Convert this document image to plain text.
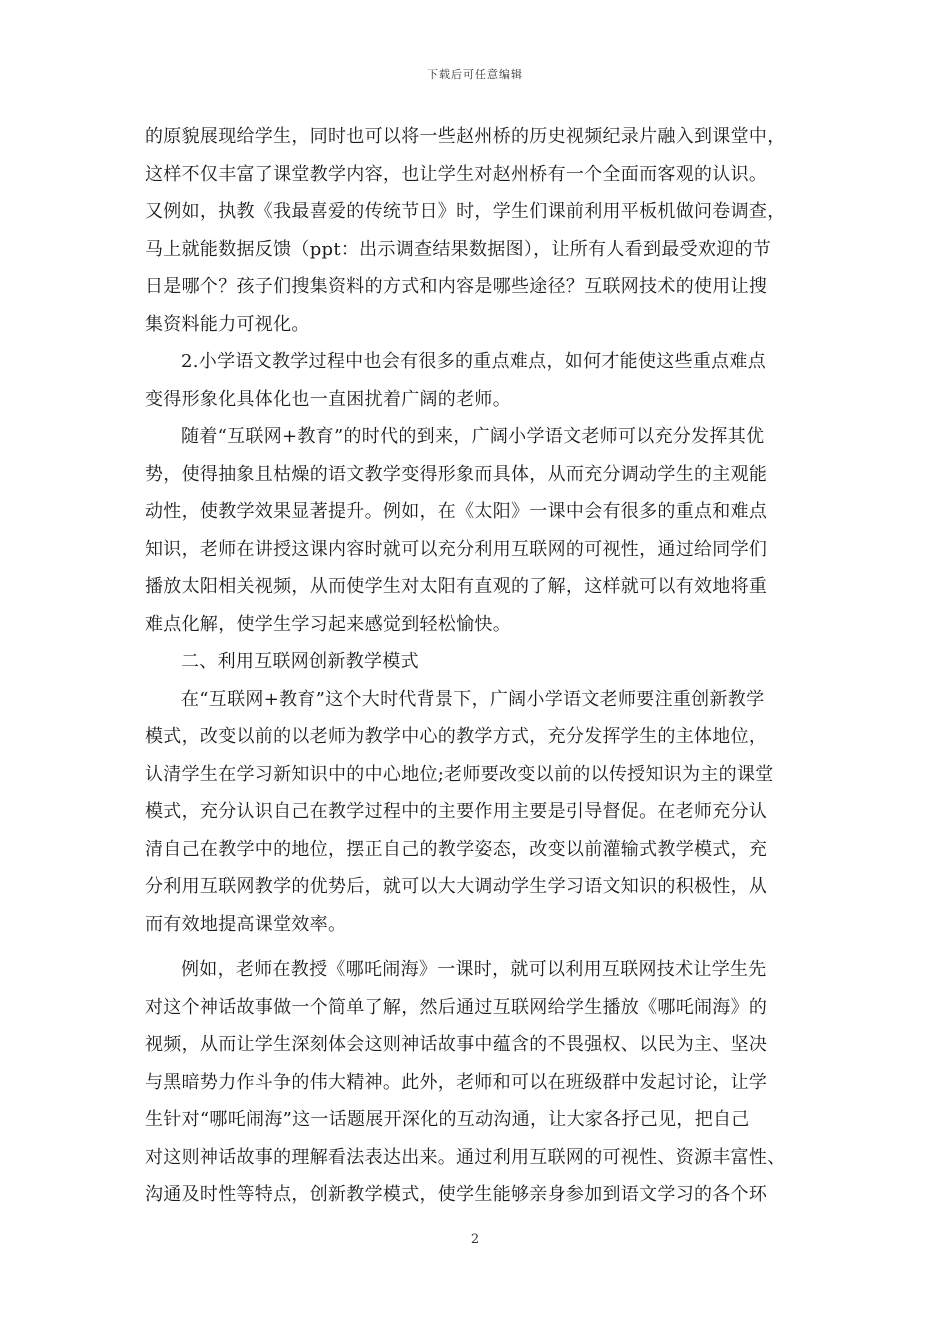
下载后可任意编辑
的原貌展现给学生，同时也可以将一些赵州桥的历史视频纪录片融入到课堂中，
这样不仅丰富了课堂教学内容，也让学生对赵州桥有一个全面而客观的认识。
又例如，执教《我最喜爱的传统节日》时，学生们课前利用平板机做问卷调查，
马上就能数据反馈（ppt：出示调查结果数据图），让所有人看到最受欢迎的节
日是哪个？孩子们搜集资料的方式和内容是哪些途径？互联网技术的使用让搜
集资料能力可视化。
2.小学语文教学过程中也会有很多的重点难点，如何才能使这些重点难点
变得形象化具体化也一直困扰着广阔的老师。
随着“互联网+教育”的时代的到来，广阔小学语文老师可以充分发挥其优
势，使得抽象且枯燥的语文教学变得形象而具体，从而充分调动学生的主观能
动性，使教学效果显著提升。例如，在《太阳》一课中会有很多的重点和难点
知识，老师在讲授这课内容时就可以充分利用互联网的可视性，通过给同学们
播放太阳相关视频，从而使学生对太阳有直观的了解，这样就可以有效地将重
难点化解，使学生学习起来感觉到轻松愉快。
二、利用互联网创新教学模式
在“互联网+教育”这个大时代背景下，广阔小学语文老师要注重创新教学
模式，改变以前的以老师为教学中心的教学方式，充分发挥学生的主体地位，
认清学生在学习新知识中的中心地位;老师要改变以前的以传授知识为主的课堂
模式，充分认识自己在教学过程中的主要作用主要是引导督促。在老师充分认
清自己在教学中的地位，摆正自己的教学姿态，改变以前灌输式教学模式，充
分利用互联网教学的优势后，就可以大大调动学生学习语文知识的积极性，从
而有效地提高课堂效率。
例如，老师在教授《哪吒闹海》一课时，就可以利用互联网技术让学生先
对这个神话故事做一个简单了解，然后通过互联网给学生播放《哪吒闹海》的
视频，从而让学生深刻体会这则神话故事中蕴含的不畏强权、以民为主、坚决
与黑暗势力作斗争的伟大精神。此外，老师和可以在班级群中发起讨论，让学
生针对“哪吒闹海”这一话题展开深化的互动沟通，让大家各抒己见，把自己
对这则神话故事的理解看法表达出来。通过利用互联网的可视性、资源丰富性、
沟通及时性等特点，创新教学模式，使学生能够亲身参加到语文学习的各个环
2
